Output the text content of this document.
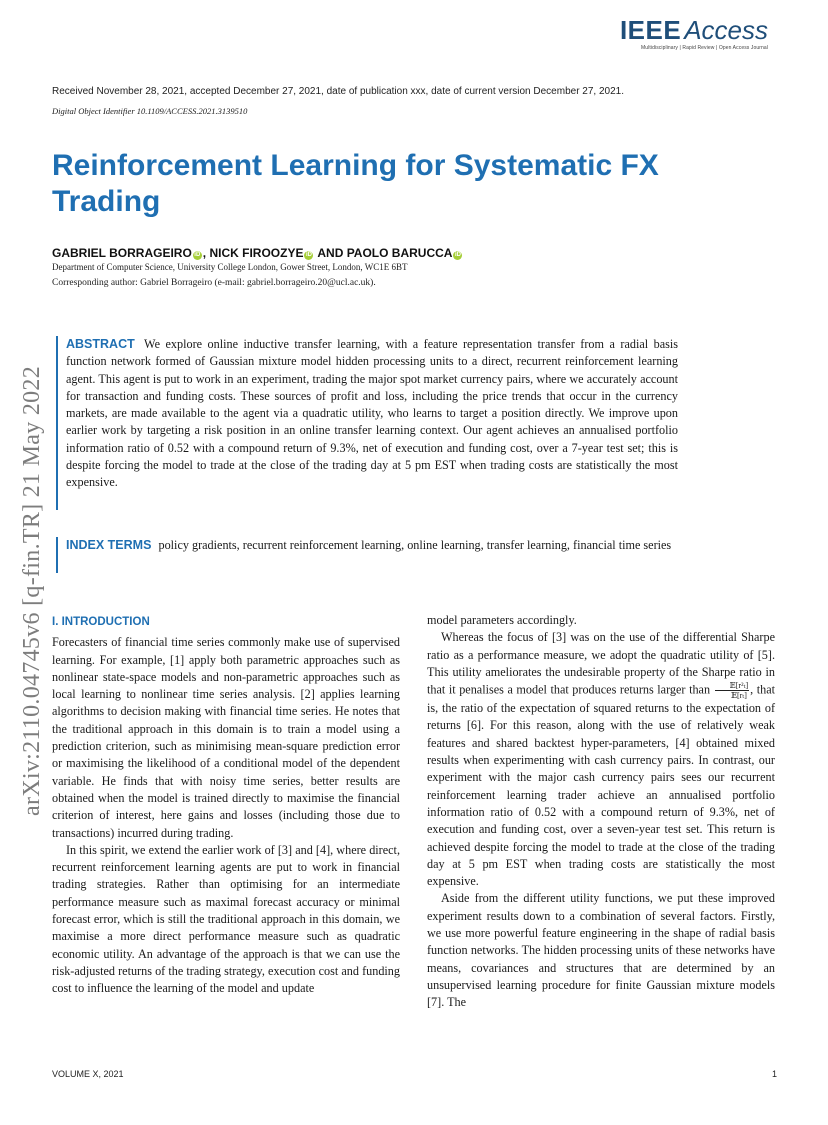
IEEE Access
Multidisciplinary | Rapid Review | Open Access Journal
Received November 28, 2021, accepted December 27, 2021, date of publication xxx, date of current version December 27, 2021.
Digital Object Identifier 10.1109/ACCESS.2021.3139510
Reinforcement Learning for Systematic FX Trading
GABRIEL BORRAGEIRO iD , NICK FIROOZYE iD AND PAOLO BARUCCA iD
Department of Computer Science, University College London, Gower Street, London, WC1E 6BT
Corresponding author: Gabriel Borrageiro (e-mail: gabriel.borrageiro.20@ucl.ac.uk).
arXiv:2110.04745v6 [q-fin.TR] 21 May 2022
ABSTRACT We explore online inductive transfer learning, with a feature representation transfer from a radial basis function network formed of Gaussian mixture model hidden processing units to a direct, recurrent reinforcement learning agent. This agent is put to work in an experiment, trading the major spot market currency pairs, where we accurately account for transaction and funding costs. These sources of profit and loss, including the price trends that occur in the currency markets, are made available to the agent via a quadratic utility, who learns to target a position directly. We improve upon earlier work by targeting a risk position in an online transfer learning context. Our agent achieves an annualised portfolio information ratio of 0.52 with a compound return of 9.3%, net of execution and funding cost, over a 7-year test set; this is despite forcing the model to trade at the close of the trading day at 5 pm EST when trading costs are statistically the most expensive.
INDEX TERMS policy gradients, recurrent reinforcement learning, online learning, transfer learning, financial time series
I. INTRODUCTION

Forecasters of financial time series commonly make use of supervised learning. For example, [1] apply both parametric approaches such as nonlinear state-space models and non-parametric approaches such as local learning to nonlinear time series analysis. [2] applies learning algorithms to decision making with financial time series. He notes that the traditional approach in this domain is to train a model using a prediction criterion, such as minimising mean-square prediction error or maximising the likelihood of a conditional model of the dependent variable. He finds that with noisy time series, better results are obtained when the model is trained directly to maximise the financial criterion of interest, here gains and losses (including those due to transactions) incurred during trading.

In this spirit, we extend the earlier work of [3] and [4], where direct, recurrent reinforcement learning agents are put to work in financial trading strategies. Rather than optimising for an intermediate performance measure such as maximal forecast accuracy or minimal forecast error, which is still the traditional approach in this domain, we maximise a more direct performance measure such as quadratic economic utility. An advantage of the approach is that we can use the risk-adjusted returns of the trading strategy, execution cost and funding cost to influence the learning of the model and update

model parameters accordingly.

Whereas the focus of [3] was on the use of the differential Sharpe ratio as a performance measure, we adopt the quadratic utility of [5]. This utility ameliorates the undesirable property of the Sharpe ratio in that it penalises a model that produces returns larger than $\frac{\text{𝔼[r²ₜ]}}{\text{𝔼[rₜ]}}$ , that is, the ratio of the expectation of squared returns to the expectation of returns [6]. For this reason, along with the use of relatively weak features and shared backtest hyper-parameters, [4] obtained mixed results when experimenting with cash currency pairs. In contrast, our experiment with the major cash currency pairs sees our recurrent reinforcement learning trader achieve an annualised portfolio information ratio of 0.52 with a compound return of 9.3%, net of execution and funding cost, over a seven-year test set. This return is achieved despite forcing the model to trade at the close of the trading day at 5 pm EST when trading costs are statistically the most expensive.

Aside from the different utility functions, we put these improved experiment results down to a combination of several factors. Firstly, we use more powerful feature engineering in the shape of radial basis function networks. The hidden processing units of these networks have means, covariances and structures that are determined by an unsupervised learning procedure for finite Gaussian mixture models [7]. The

VOLUME X, 2021	1
